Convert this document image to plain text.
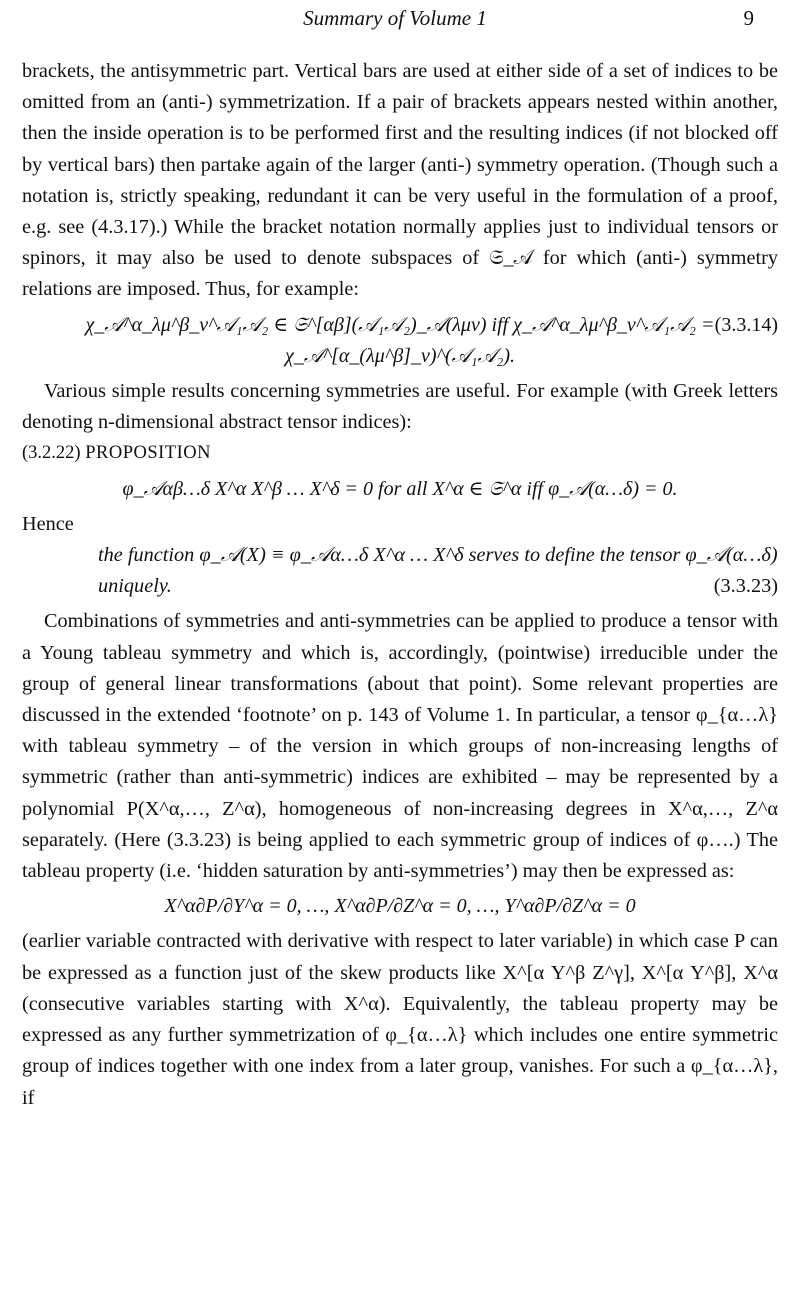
Summary of Volume 1	9

brackets, the antisymmetric part. Vertical bars are used at either side of a set of indices to be omitted from an (anti-) symmetrization. If a pair of brackets appears nested within another, then the inside operation is to be performed first and the resulting indices (if not blocked off by vertical bars) then partake again of the larger (anti-) symmetry operation. (Though such a notation is, strictly speaking, redundant it can be very useful in the formulation of a proof, e.g. see (4.3.17).) While the bracket notation normally applies just to individual tensors or spinors, it may also be used to denote subspaces of 𝔖_𝒜 for which (anti-) symmetry relations are imposed. Thus, for example:

χ_𝒜^α_λμ^β_ν^𝒜₁𝒜₂ ∈ 𝔖^[αβ](𝒜₁𝒜₂)_𝒜(λμν) iff χ_𝒜^α_λμ^β_ν^𝒜₁𝒜₂ = χ_𝒜^[α_(λμ^β]_ν)^(𝒜₁𝒜₂).
(3.3.14)

Various simple results concerning symmetries are useful. For example (with Greek letters denoting n-dimensional abstract tensor indices):

(3.2.22) PROPOSITION

φ_𝒜αβ…δ X^α X^β … X^δ = 0 for all X^α ∈ 𝔖^α iff φ_𝒜(α…δ) = 0.

Hence

the function φ_𝒜(X) ≡ φ_𝒜α…δ X^α … X^δ serves to define the tensor φ_𝒜(α…δ) uniquely.	(3.3.23)

Combinations of symmetries and anti-symmetries can be applied to produce a tensor with a Young tableau symmetry and which is, accordingly, (pointwise) irreducible under the group of general linear transformations (about that point). Some relevant properties are discussed in the extended ‘footnote’ on p. 143 of Volume 1. In particular, a tensor φ_{α…λ} with tableau symmetry – of the version in which groups of non-increasing lengths of symmetric (rather than anti-symmetric) indices are exhibited – may be represented by a polynomial P(X^α,…, Z^α), homogeneous of non-increasing degrees in X^α,…, Z^α separately. (Here (3.3.23) is being applied to each symmetric group of indices of φ….) The tableau property (i.e. ‘hidden saturation by anti-symmetries’) may then be expressed as:

X^α∂P/∂Y^α = 0, …, X^α∂P/∂Z^α = 0, …, Y^α∂P/∂Z^α = 0

(earlier variable contracted with derivative with respect to later variable) in which case P can be expressed as a function just of the skew products like X^[α Y^β Z^γ], X^[α Y^β], X^α (consecutive variables starting with X^α). Equivalently, the tableau property may be expressed as any further symmetrization of φ_{α…λ} which includes one entire symmetric group of indices together with one index from a later group, vanishes. For such a φ_{α…λ}, if
